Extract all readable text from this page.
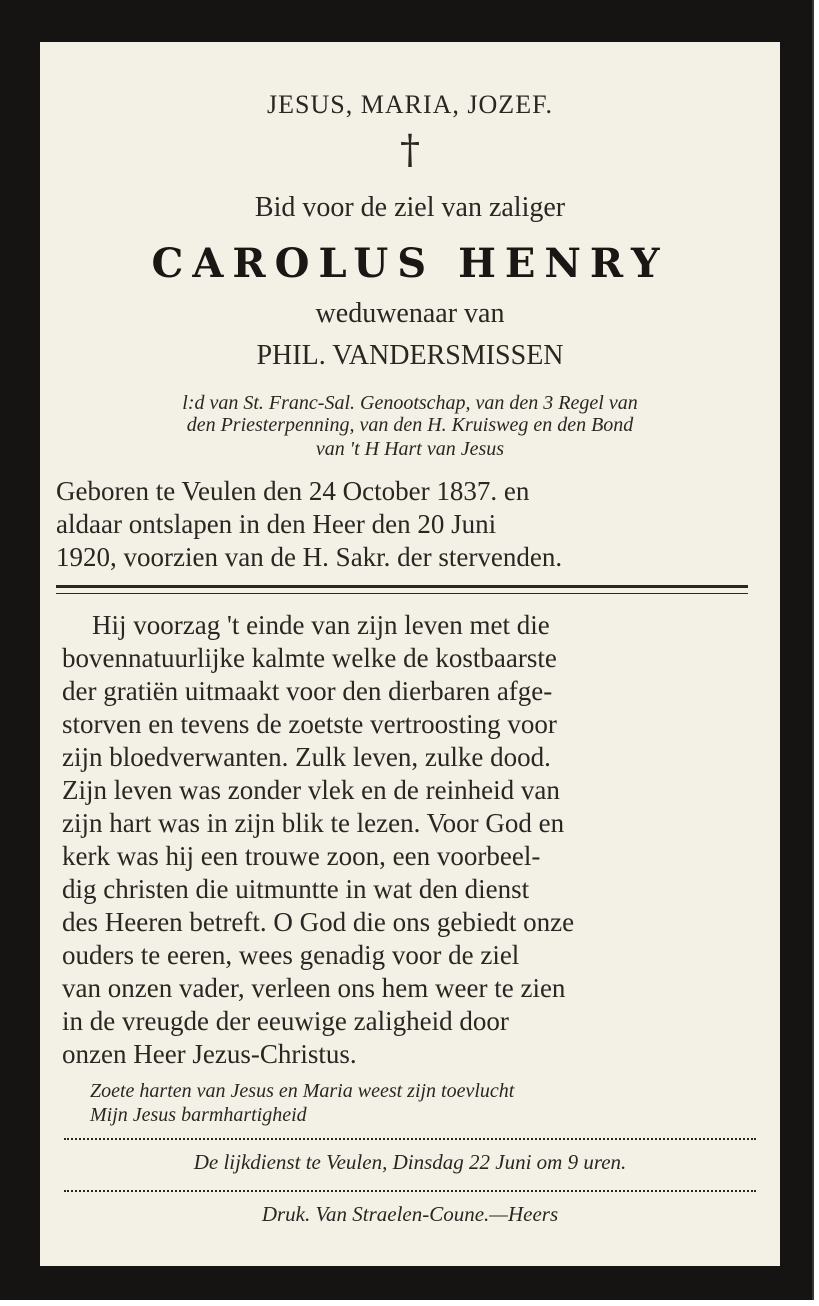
JESUS, MARIA, JOZEF.
†
Bid voor de ziel van zaliger
CAROLUS HENRY
weduwenaar van
PHIL. VANDERSMISSEN
l:d van St. Franc-Sal. Genootschap, van den 3 Regel van
den Priesterpenning, van den H. Kruisweg en den Bond
van 't H Hart van Jesus
Geboren te Veulen den 24 October 1837. en
aldaar ontslapen in den Heer den 20 Juni
1920, voorzien van de H. Sakr. der stervenden.
Hij voorzag 't einde van zijn leven met die
bovennatuurlijke kalmte welke de kostbaarste
der gratiën uitmaakt voor den dierbaren afge-
storven en tevens de zoetste vertroosting voor
zijn bloedverwanten. Zulk leven, zulke dood.
Zijn leven was zonder vlek en de reinheid van
zijn hart was in zijn blik te lezen. Voor God en
kerk was hij een trouwe zoon, een voorbeel-
dig christen die uitmuntte in wat den dienst
des Heeren betreft. O God die ons gebiedt onze
ouders te eeren, wees genadig voor de ziel
van onzen vader, verleen ons hem weer te zien
in de vreugde der eeuwige zaligheid door
onzen Heer Jezus-Christus.
Zoete harten van Jesus en Maria weest zijn toevlucht
Mijn Jesus barmhartigheid
De lijkdienst te Veulen, Dinsdag 22 Juni om 9 uren.
Druk. Van Straelen-Coune.—Heers
